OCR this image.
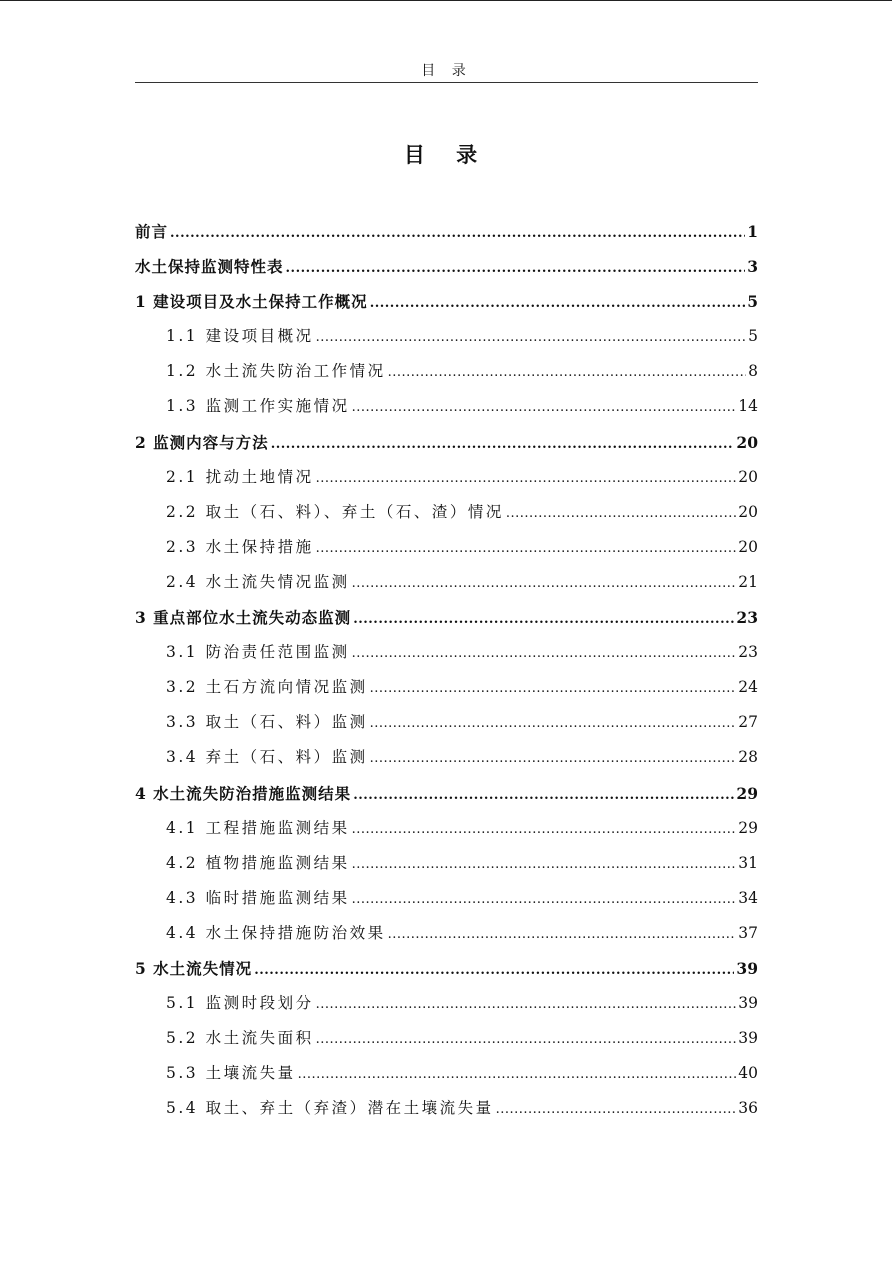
目 录
目 录
前言 .....	1
水土保持监测特性表 .....	3
1 建设项目及水土保持工作概况 .....	5
1.1 建设项目概况 .....	5
1.2 水土流失防治工作情况 .....	8
1.3 监测工作实施情况 .....	14
2 监测内容与方法 .....	20
2.1 扰动土地情况 .....	20
2.2 取土（石、料）、弃土（石、渣）情况 .....	20
2.3 水土保持措施 .....	20
2.4 水土流失情况监测 .....	21
3 重点部位水土流失动态监测 .....	23
3.1 防治责任范围监测 .....	23
3.2 土石方流向情况监测 .....	24
3.3 取土（石、料）监测 .....	27
3.4 弃土（石、料）监测 .....	28
4 水土流失防治措施监测结果 .....	29
4.1 工程措施监测结果 .....	29
4.2 植物措施监测结果 .....	31
4.3 临时措施监测结果 .....	34
4.4 水土保持措施防治效果 .....	37
5 水土流失情况 .....	39
5.1 监测时段划分 .....	39
5.2 水土流失面积 .....	39
5.3 土壤流失量 .....	40
5.4 取土、弃土（弃渣）潜在土壤流失量 .....	36
